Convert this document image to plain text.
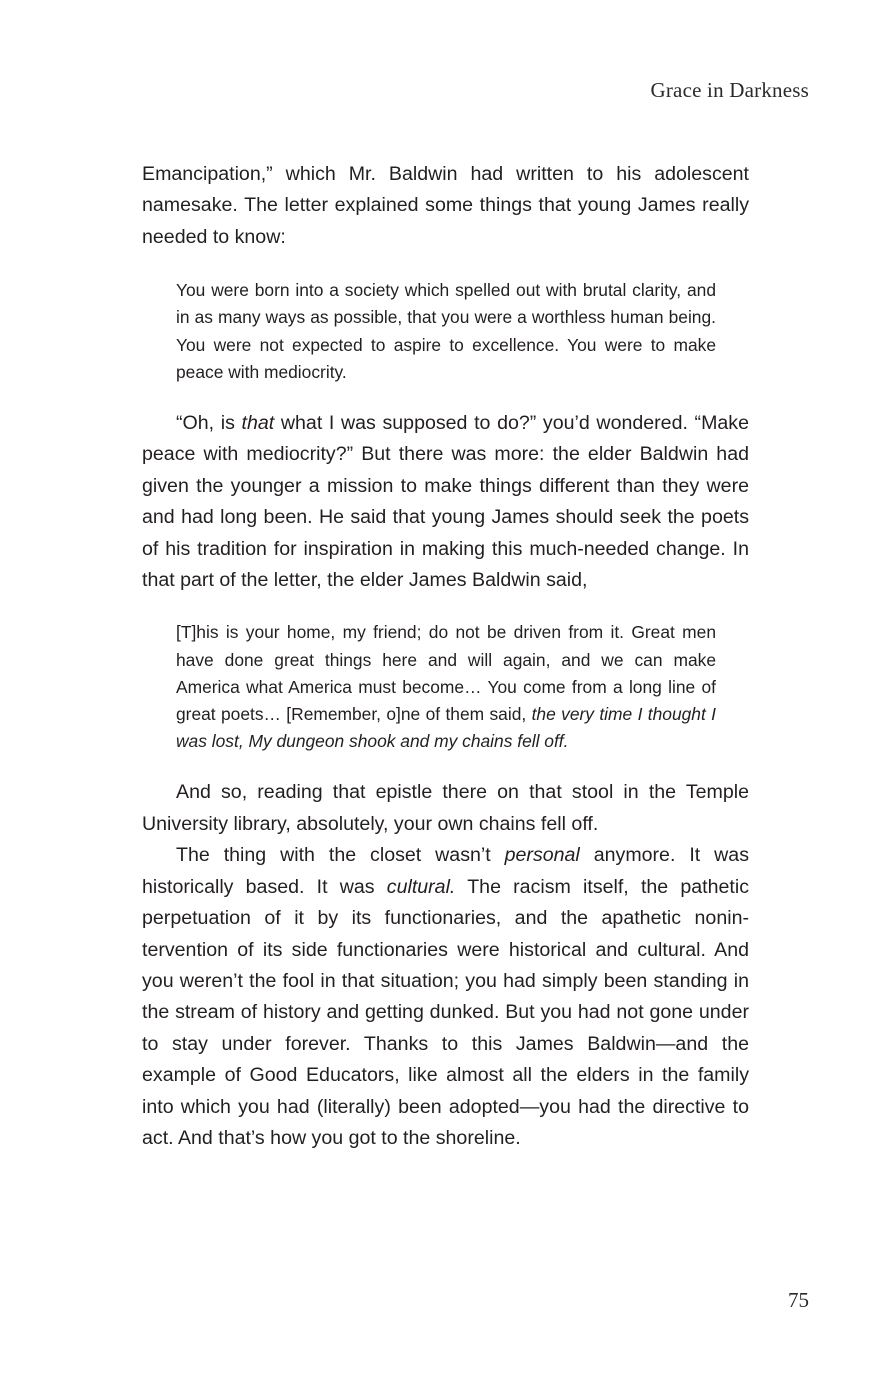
Grace in Darkness

Emancipation,” which Mr. Baldwin had written to his adolescent namesake. The letter explained some things that young James really needed to know:

You were born into a society which spelled out with brutal clarity, and in as many ways as possible, that you were a worthless human being. You were not expected to aspire to excellence. You were to make peace with mediocrity.

“Oh, is that what I was supposed to do?” you’d wondered. “Make peace with mediocrity?” But there was more: the elder Baldwin had given the younger a mission to make things different than they were and had long been. He said that young James should seek the poets of his tradition for inspiration in making this much-needed change. In that part of the letter, the elder James Baldwin said,

[T]his is your home, my friend; do not be driven from it. Great men have done great things here and will again, and we can make America what America must become… You come from a long line of great poets… [Remember, o]ne of them said, the very time I thought I was lost, My dungeon shook and my chains fell off.

And so, reading that epistle there on that stool in the Temple University library, absolutely, your own chains fell off.

The thing with the closet wasn’t personal anymore. It was historically based. It was cultural. The racism itself, the pathetic perpetuation of it by its functionaries, and the apathetic nonintervention of its side functionaries were historical and cultural. And you weren’t the fool in that situation; you had simply been standing in the stream of history and getting dunked. But you had not gone under to stay under forever. Thanks to this James Baldwin—and the example of Good Educators, like almost all the elders in the family into which you had (literally) been adopted—you had the directive to act. And that’s how you got to the shoreline.

75
